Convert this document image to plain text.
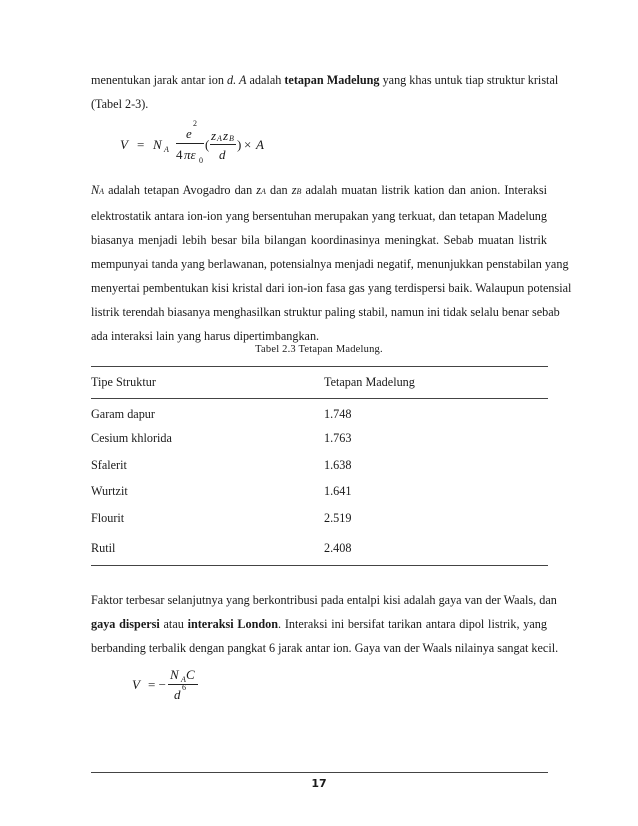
menentukan jarak antar ion d. A adalah tetapan Madelung yang khas untuk tiap struktur kristal
(Tabel 2-3).
V = N A
e
2
4 πε 0
(
z A z B
d
) × A
NA adalah tetapan Avogadro dan zA dan zB adalah muatan listrik kation dan anion. Interaksi
elektrostatik antara ion-ion yang bersentuhan merupakan yang terkuat, dan tetapan Madelung
biasanya menjadi lebih besar bila bilangan koordinasinya meningkat. Sebab muatan listrik
mempunyai tanda yang berlawanan, potensialnya menjadi negatif, menunjukkan penstabilan yang
menyertai pembentukan kisi kristal dari ion-ion fasa gas yang terdispersi baik. Walaupun potensial
listrik terendah biasanya menghasilkan struktur paling stabil, namun ini tidak selalu benar sebab
ada interaksi lain yang harus dipertimbangkan.
Tabel 2.3 Tetapan Madelung.
Tipe Struktur	Tetapan Madelung
Garam dapur	1.748
Cesium khlorida	1.763
Sfalerit	1.638
Wurtzit	1.641
Flourit	2.519
Rutil	2.408
Faktor terbesar selanjutnya yang berkontribusi pada entalpi kisi adalah gaya van der Waals, dan
gaya dispersi atau interaksi London. Interaksi ini bersifat tarikan antara dipol listrik, yang
berbanding terbalik dengan pangkat 6 jarak antar ion. Gaya van der Waals nilainya sangat kecil.
V = −
N A C
d 6
17
